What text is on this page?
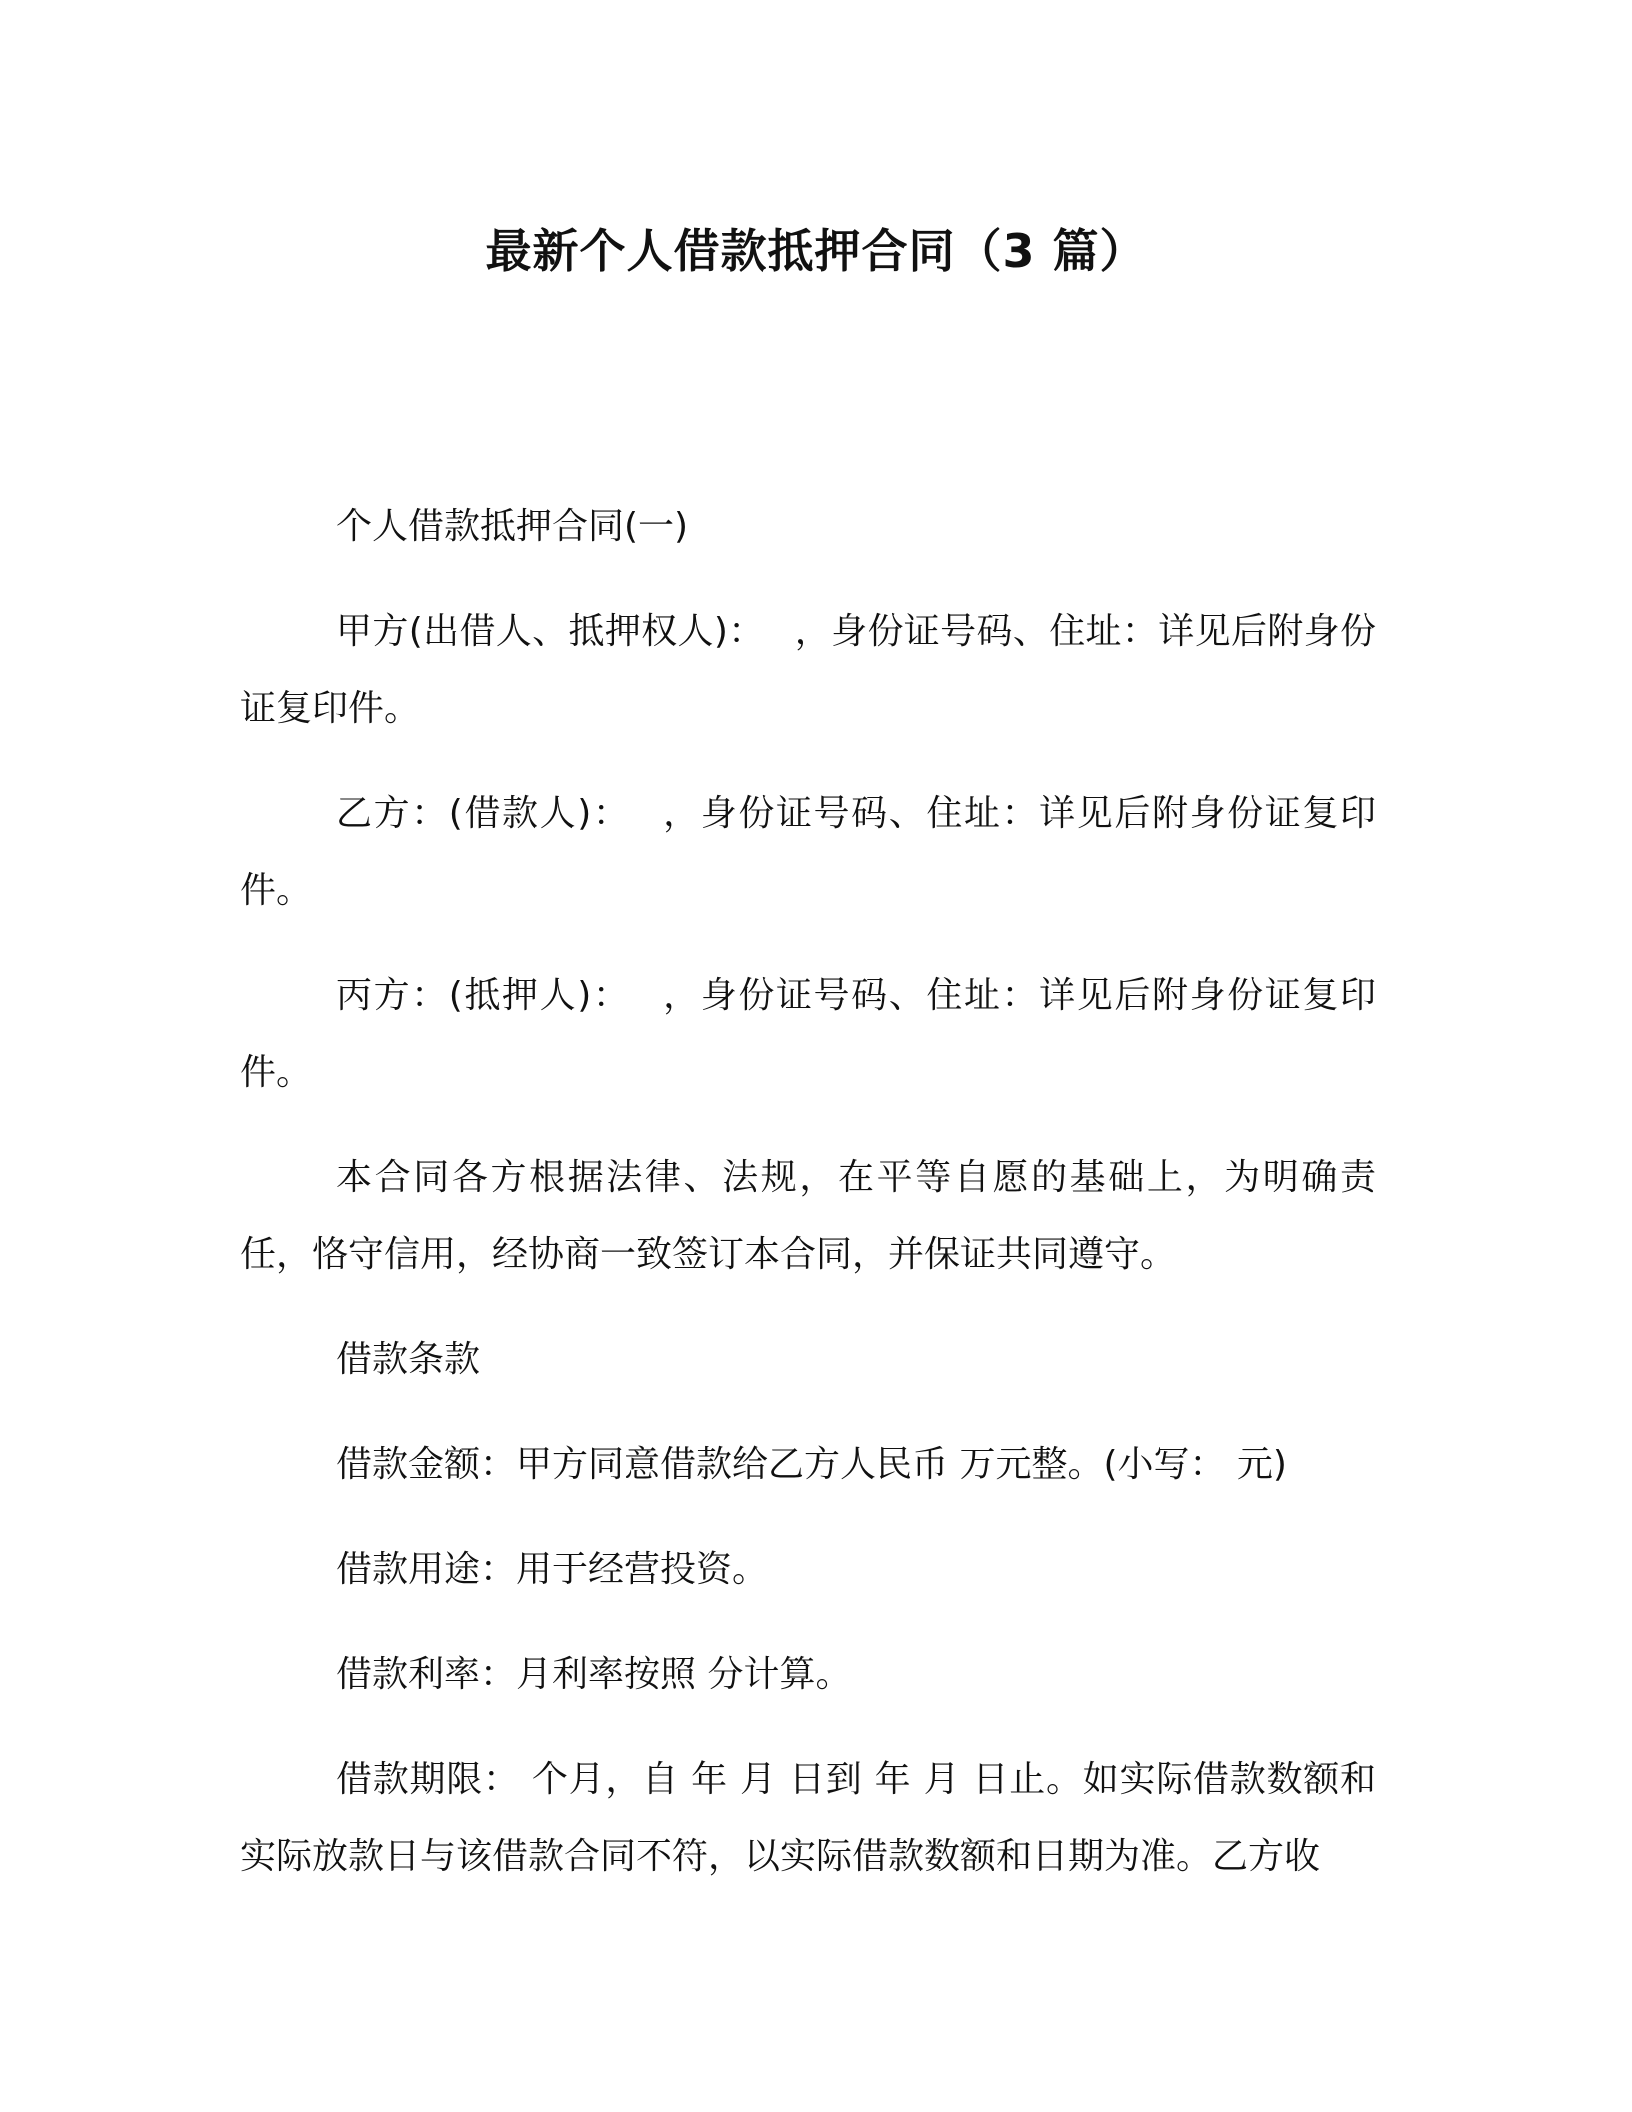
最新个人借款抵押合同（3 篇）

个人借款抵押合同(一)

甲方(出借人、抵押权人)：　 ，身份证号码、住址：详见后附身份证复印件。

乙方：(借款人)：　 ，身份证号码、住址：详见后附身份证复印件。

丙方：(抵押人)：　 ，身份证号码、住址：详见后附身份证复印件。

本合同各方根据法律、法规，在平等自愿的基础上，为明确责任，恪守信用，经协商一致签订本合同，并保证共同遵守。

借款条款

借款金额：甲方同意借款给乙方人民币 万元整。(小写： 元)

借款用途：用于经营投资。

借款利率：月利率按照 分计算。

借款期限： 个月，自 年 月 日到 年 月 日止。如实际借款数额和实际放款日与该借款合同不符，以实际借款数额和日期为准。乙方收
